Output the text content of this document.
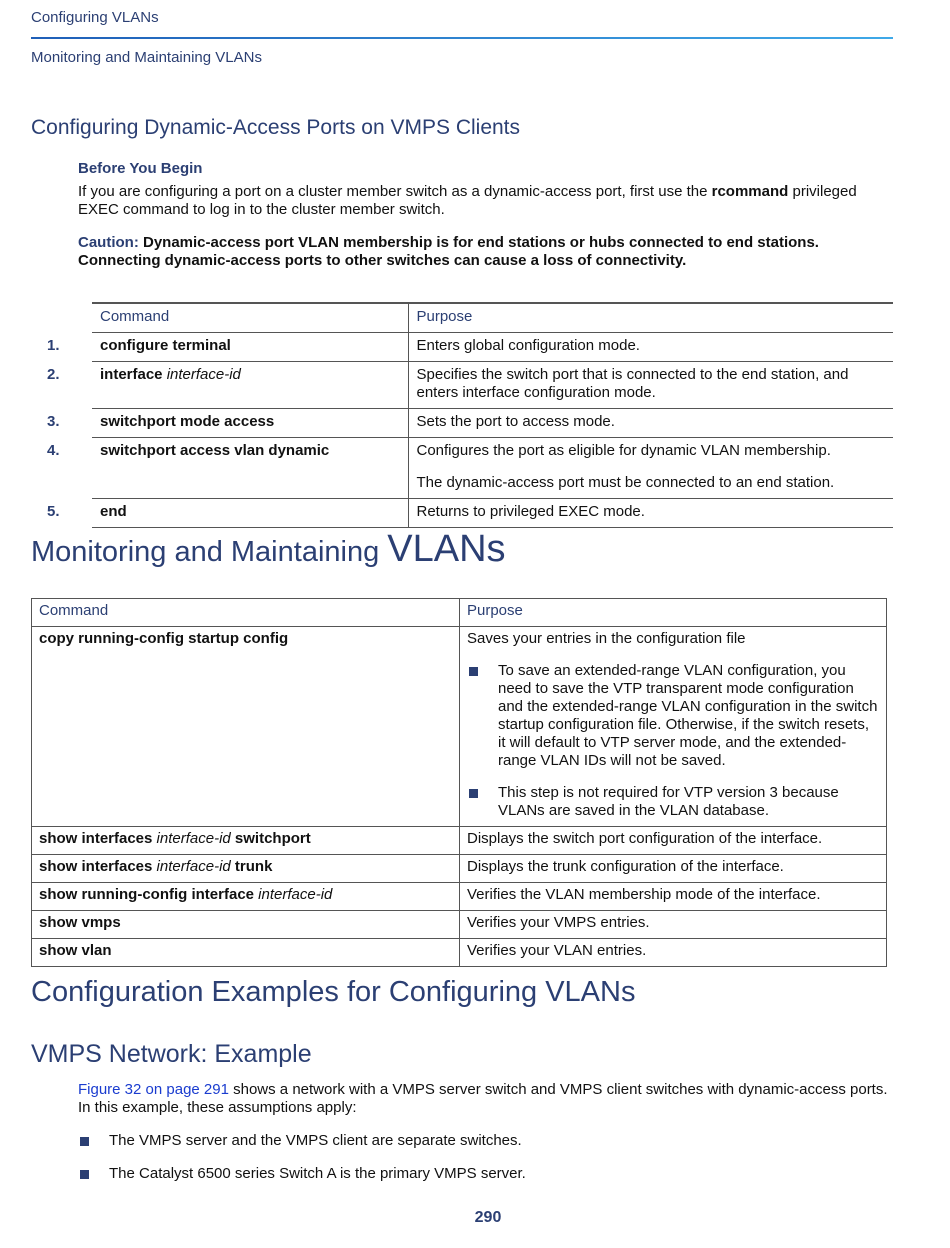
Configuring VLANs
Monitoring and Maintaining VLANs
Configuring Dynamic-Access Ports on VMPS Clients
Before You Begin
If you are configuring a port on a cluster member switch as a dynamic-access port, first use the rcommand privileged EXEC command to log in to the cluster member switch.
Caution: Dynamic-access port VLAN membership is for end stations or hubs connected to end stations. Connecting dynamic-access ports to other switches can cause a loss of connectivity.
	Command	Purpose
1.	configure terminal	Enters global configuration mode.
2.	interface interface-id	Specifies the switch port that is connected to the end station, and enters interface configuration mode.
3.	switchport mode access	Sets the port to access mode.
4.	switchport access vlan dynamic	Configures the port as eligible for dynamic VLAN membership.
The dynamic-access port must be connected to an end station.

5.	end	Returns to privileged EXEC mode.
Monitoring and Maintaining VLANs
Command	Purpose
copy running-config startup config	Saves your entries in the configuration file
To save an extended-range VLAN configuration, you need to save the VTP transparent mode configuration and the extended-range VLAN configuration in the switch startup configuration file. Otherwise, if the switch resets, it will default to VTP server mode, and the extended-range VLAN IDs will not be saved.
This step is not required for VTP version 3 because VLANs are saved in the VLAN database.

show interfaces interface-id switchport	Displays the switch port configuration of the interface.
show interfaces interface-id trunk	Displays the trunk configuration of the interface.
show running-config interface interface-id	Verifies the VLAN membership mode of the interface.
show vmps	Verifies your VMPS entries.
show vlan	Verifies your VLAN entries.
Configuration Examples for Configuring VLANs
VMPS Network: Example
Figure 32 on page 291 shows a network with a VMPS server switch and VMPS client switches with dynamic-access ports. In this example, these assumptions apply:
The VMPS server and the VMPS client are separate switches.
The Catalyst 6500 series Switch A is the primary VMPS server.
290
